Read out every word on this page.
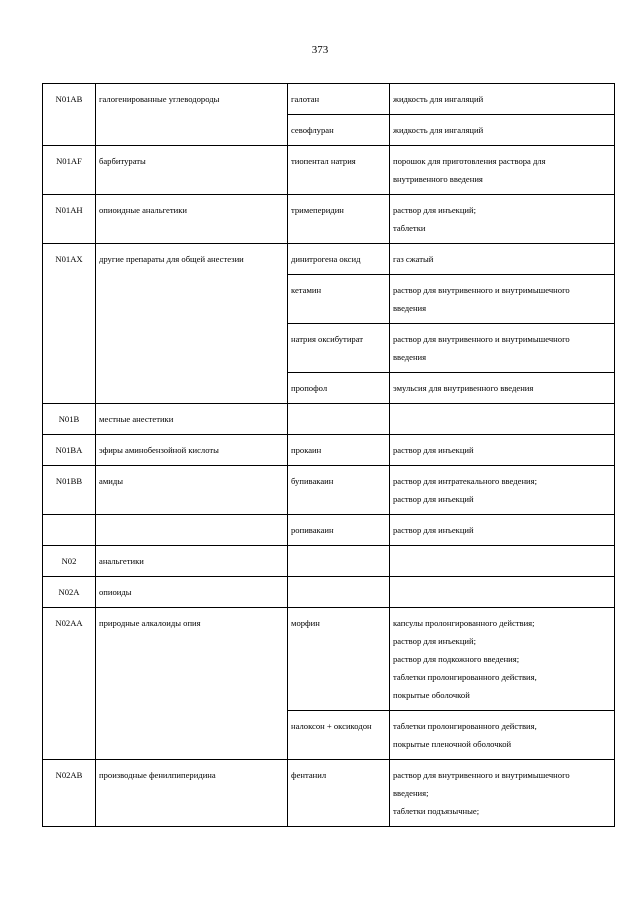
373
N01AB	галогенированные углеводороды	галотан	жидкость для ингаляций

		севофлуран	жидкость для ингаляций

N01AF	барбитураты	тиопентал натрия	порошок для приготовления раствора для
внутривенного введения

N01AH	опиоидные анальгетики	тримеперидин	раствор для инъекций;
таблетки

N01AX	другие препараты для общей анестезии	динитрогена оксид	газ сжатый

		кетамин	раствор для внутривенного и внутримышечного
введения

		натрия оксибутират	раствор для внутривенного и внутримышечного
введения

		пропофол	эмульсия для внутривенного введения

N01B	местные анестетики		
N01BA	эфиры аминобензойной кислоты	прокаин	раствор для инъекций

N01BB	амиды	бупивакаин	раствор для интратекального введения;
раствор для инъекций

		ропивакаин	раствор для инъекций

N02	анальгетики		
N02A	опиоиды		
N02AA	природные алкалоиды опия	морфин	капсулы пролонгированного действия;
раствор для инъекций;
раствор для подкожного введения;
таблетки пролонгированного действия,
покрытые оболочкой

		налоксон + оксикодон	таблетки пролонгированного действия,
покрытые пленочной оболочкой

N02AB	производные фенилпиперидина	фентанил	раствор для внутривенного и внутримышечного
введения;
таблетки подъязычные;
